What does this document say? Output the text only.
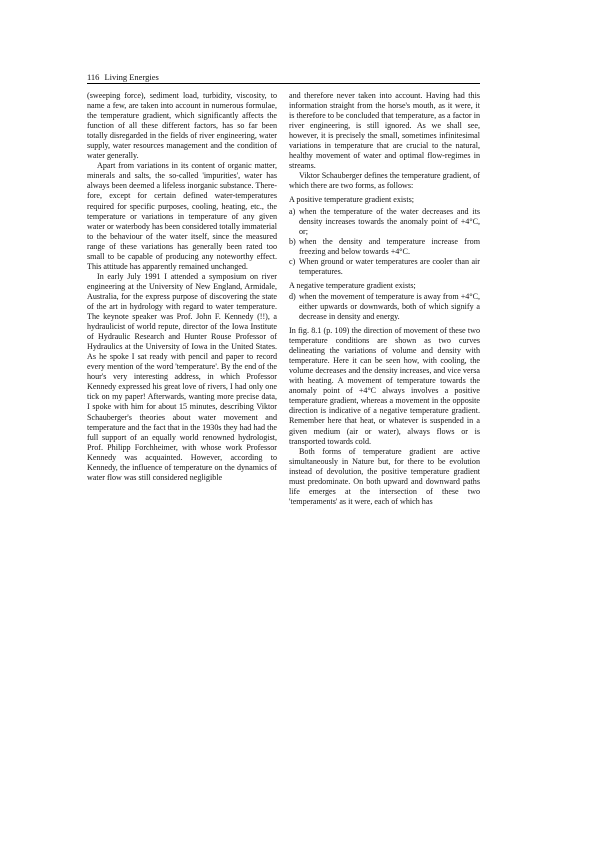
116 Living Energies

(sweeping force), sediment load, turbidity, viscosity, to name a few, are taken into account in numerous formulae, the temperature gradient, which significantly affects the function of all these different factors, has so far been totally disregarded in the fields of river engineering, water supply, water resources management and the condition of water generally.

Apart from variations in its content of organic matter, minerals and salts, the so-called 'impurities', water has always been deemed a lifeless inorganic substance. Therefore, except for certain defined water-temperatures required for specific purposes, cooling, heating, etc., the temperature or variations in temperature of any given water or waterbody has been considered totally immaterial to the behaviour of the water itself, since the measured range of these variations has generally been rated too small to be capable of producing any noteworthy effect. This attitude has apparently remained unchanged.

In early July 1991 I attended a symposium on river engineering at the University of New England, Armidale, Australia, for the express purpose of discovering the state of the art in hydrology with regard to water temperature. The keynote speaker was Prof. John F. Kennedy (!!), a hydraulicist of world repute, director of the Iowa Institute of Hydraulic Research and Hunter Rouse Professor of Hydraulics at the University of Iowa in the United States. As he spoke I sat ready with pencil and paper to record every mention of the word 'temperature'. By the end of the hour's very interesting address, in which Professor Kennedy expressed his great love of rivers, I had only one tick on my paper! Afterwards, wanting more precise data, I spoke with him for about 15 minutes, describing Viktor Schauberger's theories about water movement and temperature and the fact that in the 1930s they had had the full support of an equally world renowned hydrologist, Prof. Philipp Forchheimer, with whose work Professor Kennedy was acquainted. However, according to Kennedy, the influence of temperature on the dynamics of water flow was still considered negligible

and therefore never taken into account. Having had this information straight from the horse's mouth, as it were, it is therefore to be concluded that temperature, as a factor in river engineering, is still ignored. As we shall see, however, it is precisely the small, sometimes infinitesimal variations in temperature that are crucial to the natural, healthy movement of water and optimal flow-regimes in streams.

Viktor Schauberger defines the temperature gradient, of which there are two forms, as follows:

A positive temperature gradient exists;

a) when the temperature of the water decreases and its density increases towards the anomaly point of +4°C, or;
b) when the density and temperature increase from freezing and below towards +4°C.
c) When ground or water temperatures are cooler than air temperatures.

A negative temperature gradient exists;

d) when the movement of temperature is away from +4°C, either upwards or downwards, both of which signify a decrease in density and energy.

In fig. 8.1 (p. 109) the direction of movement of these two temperature conditions are shown as two curves delineating the variations of volume and density with temperature. Here it can be seen how, with cooling, the volume decreases and the density increases, and vice versa with heating. A movement of temperature towards the anomaly point of +4°C always involves a positive temperature gradient, whereas a movement in the opposite direction is indicative of a negative temperature gradient. Remember here that heat, or whatever is suspended in a given medium (air or water), always flows or is transported towards cold.

Both forms of temperature gradient are active simultaneously in Nature but, for there to be evolution instead of devolution, the positive temperature gradient must predominate. On both upward and downward paths life emerges at the intersection of these two 'temperaments' as it were, each of which has
